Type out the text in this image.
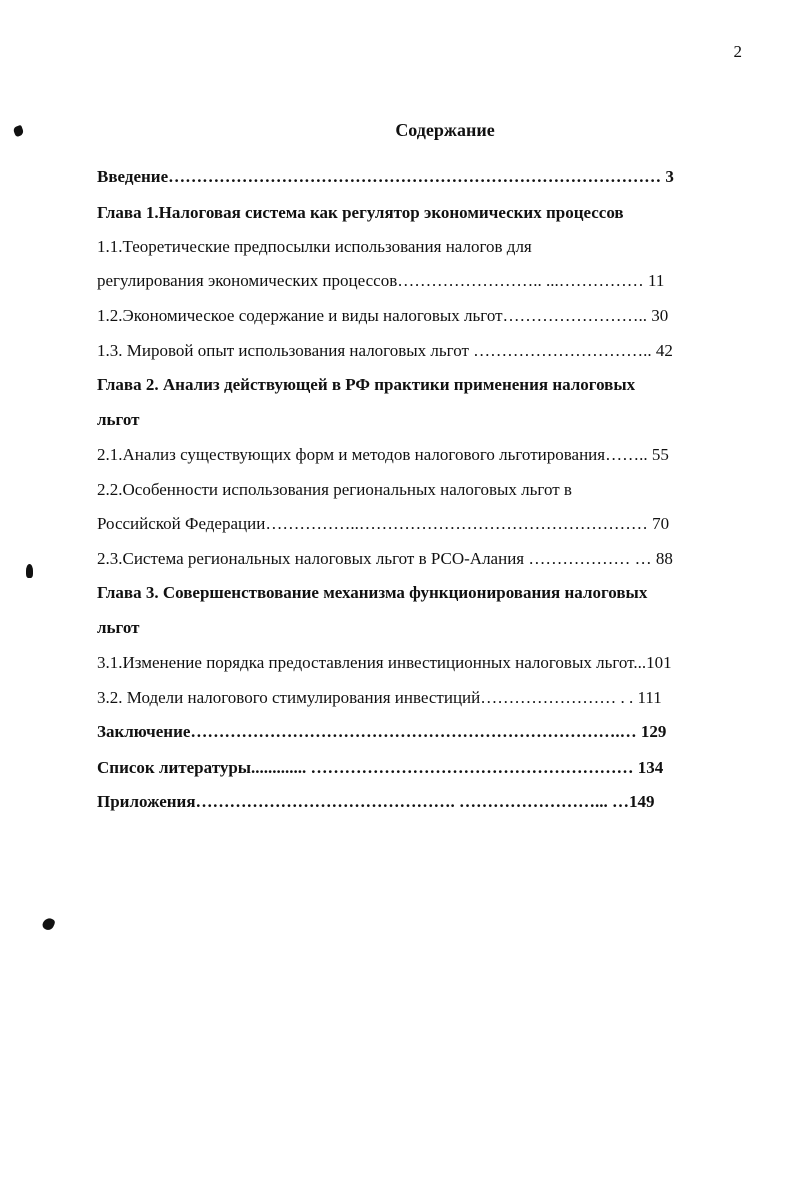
2
Содержание
Введение…………………………………………………………………………… 3
Глава 1.Налоговая система как регулятор экономических процессов
1.1.Теоретические предпосылки использования налогов для
регулирования экономических процессов…………………….. ...…………… 11
1.2.Экономическое содержание и виды налоговых льгот…………………….. 30
1.3. Мировой опыт использования налоговых льгот ………………………….. 42
Глава 2. Анализ действующей в РФ практики применения налоговых
льгот
2.1.Анализ существующих форм и методов налогового льготирования…….. 55
2.2.Особенности использования региональных налоговых льгот в
Российской Федерации……………..…………………………………………… 70
2.3.Система региональных налоговых льгот в РСО-Алания ……………… … 88
Глава 3. Совершенствование механизма функционирования налоговых
льгот
3.1.Изменение порядка предоставления инвестиционных налоговых льгот...101
3.2. Модели налогового стимулирования инвестиций…………………… . . 111
Заключение………………………………………………………………….… 129
Список литературы............. ………………………………………………… 134
Приложения………………………………………. ……………………... …149
